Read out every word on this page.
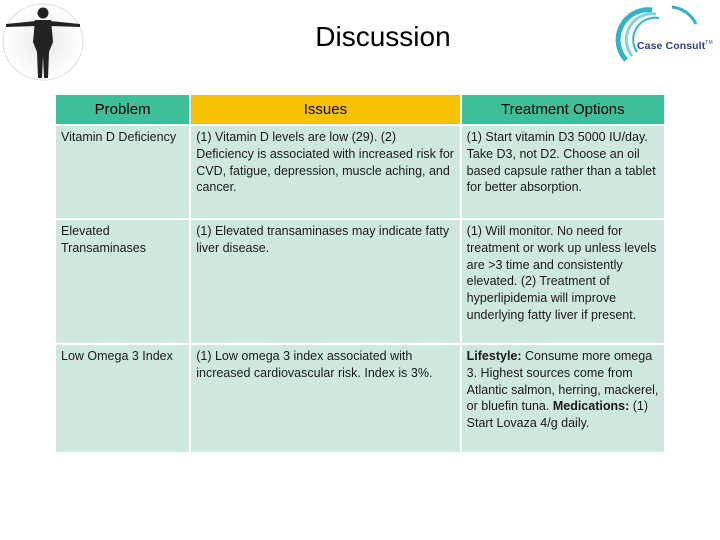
Case Consult™
Discussion
Problem	Issues	Treatment Options
Vitamin D Deficiency	(1) Vitamin D levels are low (29). (2) Deficiency is associated with increased risk for CVD, fatigue, depression, muscle aching, and cancer.	(1) Start vitamin D3 5000 IU/day. Take D3, not D2. Choose an oil based capsule rather than a tablet for better absorption.
Elevated Transaminases	(1) Elevated transaminases may indicate fatty liver disease.	(1) Will monitor. No need for treatment or work up unless levels are >3 time and consistently elevated. (2) Treatment of hyperlipidemia will improve underlying fatty liver if present.
Low Omega 3 Index	(1) Low omega 3 index associated with increased cardiovascular risk. Index is 3%.	Lifestyle: Consume more omega 3. Highest sources come from Atlantic salmon, herring, mackerel, or bluefin tuna. Medications: (1) Start Lovaza 4/g daily.
